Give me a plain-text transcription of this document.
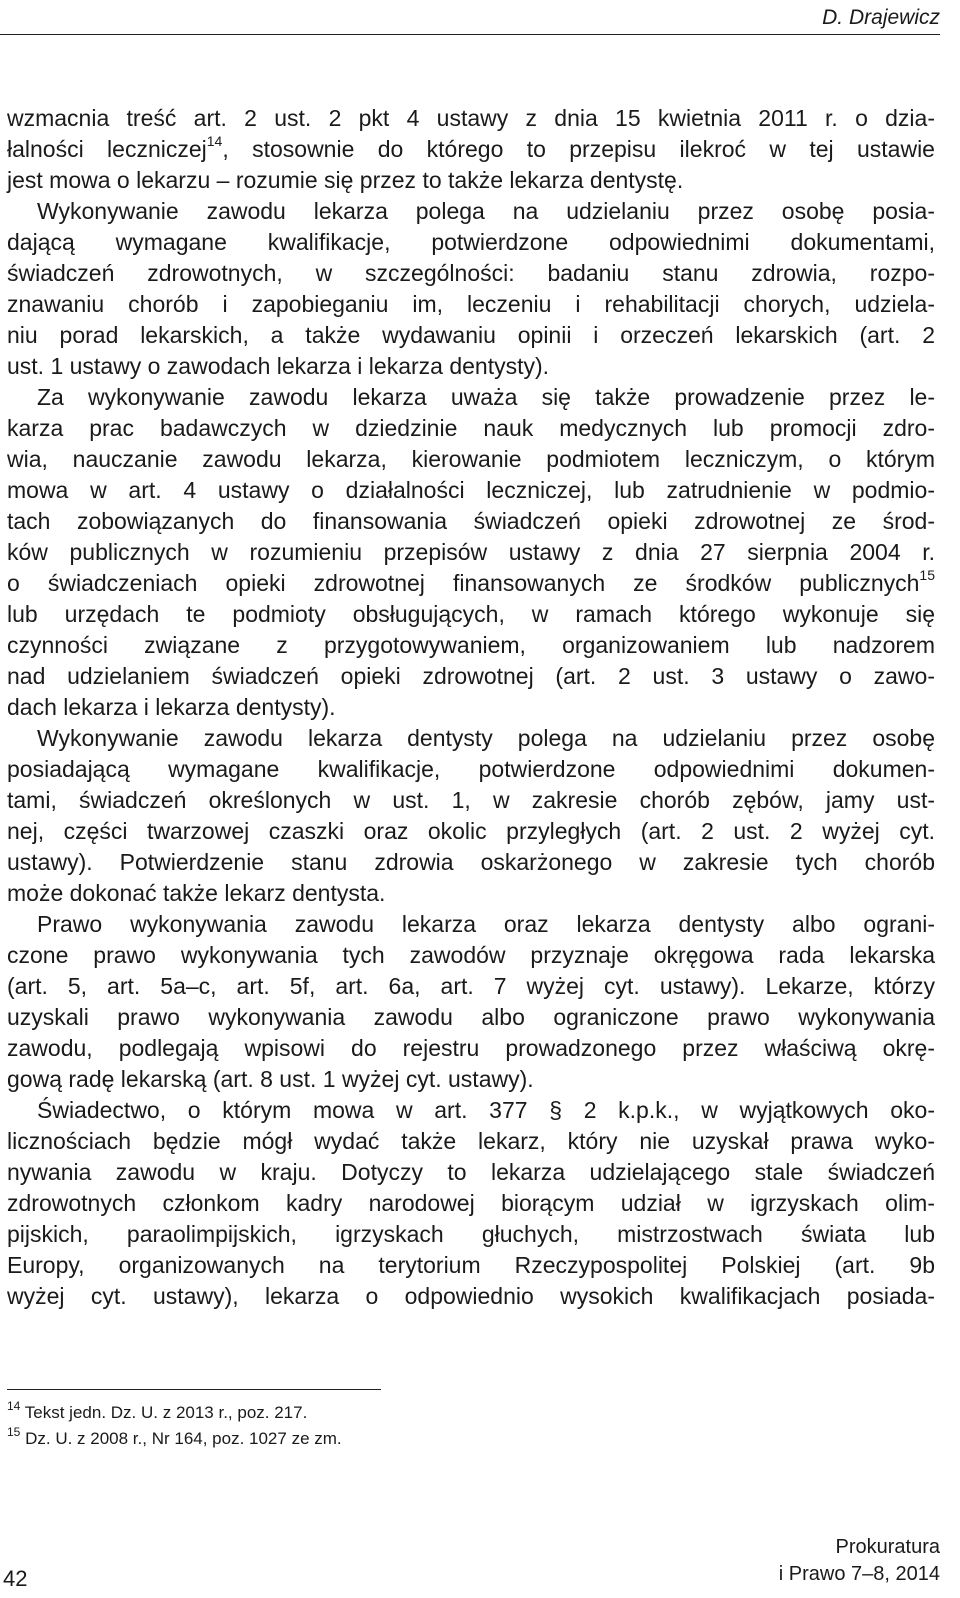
D. Drajewicz

wzmacnia treść art. 2 ust. 2 pkt 4 ustawy z dnia 15 kwietnia 2011 r. o dzia-

łalności leczniczej$^{14}$, stosownie do którego to przepisu ilekroć w tej ustawie

jest mowa o lekarzu – rozumie się przez to także lekarza dentystę.

Wykonywanie zawodu lekarza polega na udzielaniu przez osobę posia-

dającą wymagane kwalifikacje, potwierdzone odpowiednimi dokumentami,

świadczeń zdrowotnych, w szczególności: badaniu stanu zdrowia, rozpo-

znawaniu chorób i zapobieganiu im, leczeniu i rehabilitacji chorych, udziela-

niu porad lekarskich, a także wydawaniu opinii i orzeczeń lekarskich (art. 2

ust. 1 ustawy o zawodach lekarza i lekarza dentysty).

Za wykonywanie zawodu lekarza uważa się także prowadzenie przez le-

karza prac badawczych w dziedzinie nauk medycznych lub promocji zdro-

wia, nauczanie zawodu lekarza, kierowanie podmiotem leczniczym, o którym

mowa w art. 4 ustawy o działalności leczniczej, lub zatrudnienie w podmio-

tach zobowiązanych do finansowania świadczeń opieki zdrowotnej ze środ-

ków publicznych w rozumieniu przepisów ustawy z dnia 27 sierpnia 2004 r.

o świadczeniach opieki zdrowotnej finansowanych ze środków publicznych$^{15}$

lub urzędach te podmioty obsługujących, w ramach którego wykonuje się

czynności związane z przygotowywaniem, organizowaniem lub nadzorem

nad udzielaniem świadczeń opieki zdrowotnej (art. 2 ust. 3 ustawy o zawo-

dach lekarza i lekarza dentysty).

Wykonywanie zawodu lekarza dentysty polega na udzielaniu przez osobę

posiadającą wymagane kwalifikacje, potwierdzone odpowiednimi dokumen-

tami, świadczeń określonych w ust. 1, w zakresie chorób zębów, jamy ust-

nej, części twarzowej czaszki oraz okolic przyległych (art. 2 ust. 2 wyżej cyt.

ustawy). Potwierdzenie stanu zdrowia oskarżonego w zakresie tych chorób

może dokonać także lekarz dentysta.

Prawo wykonywania zawodu lekarza oraz lekarza dentysty albo ograni-

czone prawo wykonywania tych zawodów przyznaje okręgowa rada lekarska

(art. 5, art. 5a–c, art. 5f, art. 6a, art. 7 wyżej cyt. ustawy). Lekarze, którzy

uzyskali prawo wykonywania zawodu albo ograniczone prawo wykonywania

zawodu, podlegają wpisowi do rejestru prowadzonego przez właściwą okrę-

gową radę lekarską (art. 8 ust. 1 wyżej cyt. ustawy).

Świadectwo, o którym mowa w art. 377 § 2 k.p.k., w wyjątkowych oko-

licznościach będzie mógł wydać także lekarz, który nie uzyskał prawa wyko-

nywania zawodu w kraju. Dotyczy to lekarza udzielającego stale świadczeń

zdrowotnych członkom kadry narodowej biorącym udział w igrzyskach olim-

pijskich, paraolimpijskich, igrzyskach głuchych, mistrzostwach świata lub

Europy, organizowanych na terytorium Rzeczypospolitej Polskiej (art. 9b

wyżej cyt. ustawy), lekarza o odpowiednio wysokich kwalifikacjach posiada-

$^{14}$ Tekst jedn. Dz. U. z 2013 r., poz. 217.

$^{15}$ Dz. U. z 2008 r., Nr 164, poz. 1027 ze zm.

42
Prokuratura
i Prawo 7–8, 2014
